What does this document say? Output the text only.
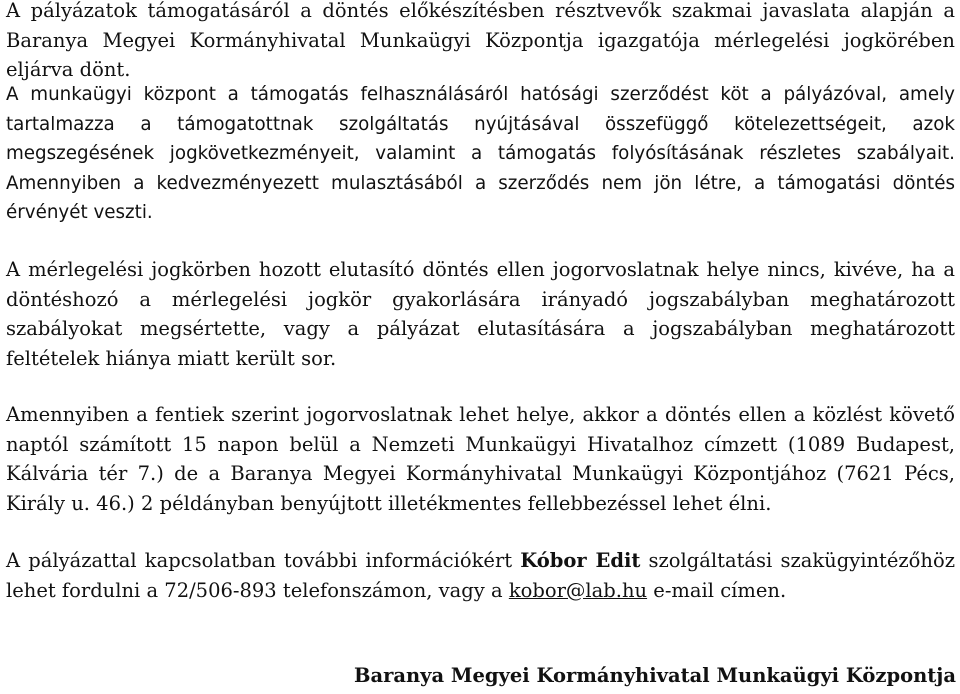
A pályázatok támogatásáról a döntés előkészítésben résztvevők szakmai javaslata alapján a Baranya Megyei Kormányhivatal Munkaügyi Központja igazgatója mérlegelési jogkörében eljárva dönt.

A munkaügyi központ a támogatás felhasználásáról hatósági szerződést köt a pályázóval, amely tartalmazza a támogatottnak szolgáltatás nyújtásával összefüggő kötelezettségeit, azok megszegésének jogkövetkezményeit, valamint a támogatás folyósításának részletes szabályait. Amennyiben a kedvezményezett mulasztásából a szerződés nem jön létre, a támogatási döntés érvényét veszti.

A mérlegelési jogkörben hozott elutasító döntés ellen jogorvoslatnak helye nincs, kivéve, ha a döntéshozó a mérlegelési jogkör gyakorlására irányadó jogszabályban meghatározott szabályokat megsértette, vagy a pályázat elutasítására a jogszabályban meghatározott feltételek hiánya miatt került sor.

Amennyiben a fentiek szerint jogorvoslatnak lehet helye, akkor a döntés ellen a közlést követő naptól számított 15 napon belül a Nemzeti Munkaügyi Hivatalhoz címzett (1089 Budapest, Kálvária tér 7.) de a Baranya Megyei Kormányhivatal Munkaügyi Központjához (7621 Pécs, Király u. 46.) 2 példányban benyújtott illetékmentes fellebbezéssel lehet élni.

A pályázattal kapcsolatban további információkért Kóbor Edit szolgáltatási szakügyintézőhöz lehet fordulni a 72/506-893 telefonszámon, vagy a kobor@lab.hu e-mail címen.

Baranya Megyei Kormányhivatal Munkaügyi Központja
